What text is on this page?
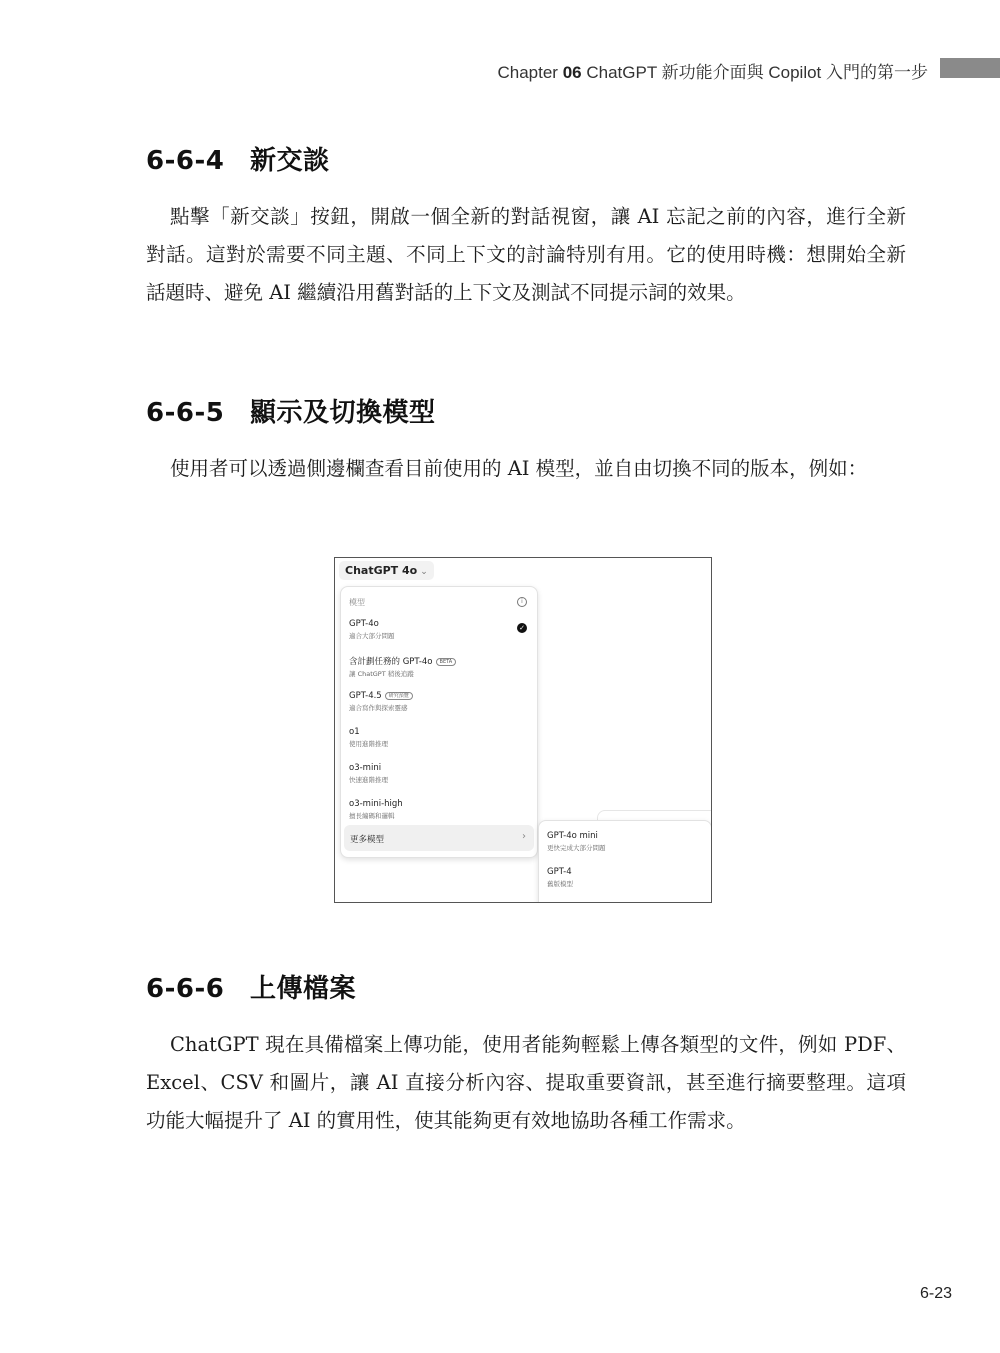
Chapter 06 ChatGPT 新功能介面與 Copilot 入門的第一步
6-6-4 新交談

點擊「新交談」按鈕，開啟一個全新的對話視窗，讓 AI 忘記之前的內容，進行全新對話。這對於需要不同主題、不同上下文的討論特別有用。它的使用時機：想開始全新話題時、避免 AI 繼續沿用舊對話的上下文及測試不同提示詞的效果。

6-6-5 顯示及切換模型

使用者可以透過側邊欄查看目前使用的 AI 模型，並自由切換不同的版本，例如：

ChatGPT 4o ⌄
模型	i
GPT-4o
適合大部分問題
✓
含計劃任務的 GPT-4o BETA
讓 ChatGPT 稍後追蹤
GPT-4.5 研究預覽
適合寫作與探索靈感
o1
使用進階推理
o3-mini
快速進階推理
o3-mini-high
擅長編碼和邏輯
更多模型	› GPT-4o mini
更快完成大部分問題
GPT-4
舊版模型
6-6-6 上傳檔案

ChatGPT 現在具備檔案上傳功能，使用者能夠輕鬆上傳各類型的文件，例如 PDF、Excel、CSV 和圖片，讓 AI 直接分析內容、提取重要資訊，甚至進行摘要整理。這項功能大幅提升了 AI 的實用性，使其能夠更有效地協助各種工作需求。

6-23
